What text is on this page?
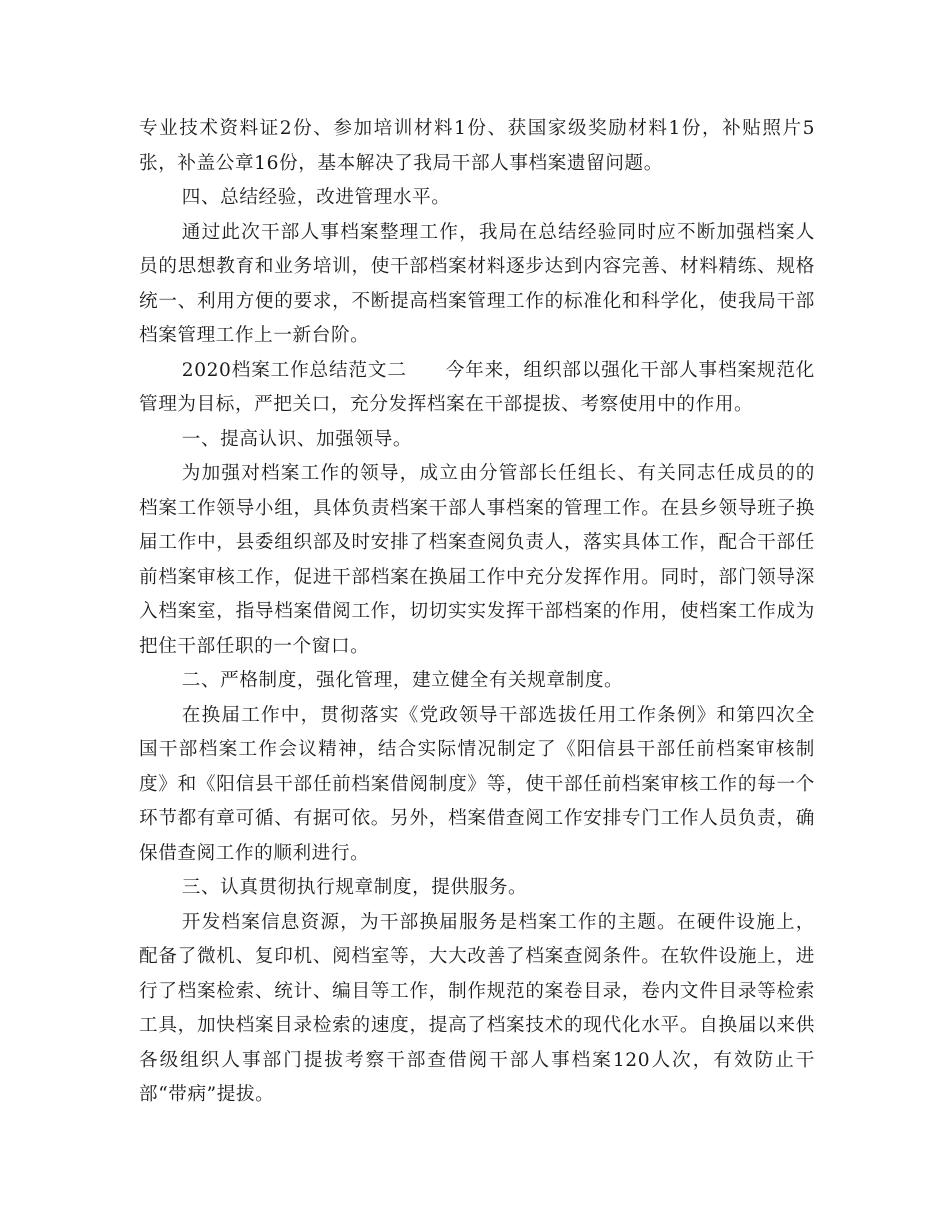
专业技术资料证2份、参加培训材料1份、获国家级奖励材料1份，补贴照片5张，补盖公章16份，基本解决了我局干部人事档案遗留问题。

四、总结经验，改进管理水平。

通过此次干部人事档案整理工作，我局在总结经验同时应不断加强档案人员的思想教育和业务培训，使干部档案材料逐步达到内容完善、材料精练、规格统一、利用方便的要求，不断提高档案管理工作的标准化和科学化，使我局干部档案管理工作上一新台阶。

2020档案工作总结范文二　　今年来，组织部以强化干部人事档案规范化管理为目标，严把关口，充分发挥档案在干部提拔、考察使用中的作用。

一、提高认识、加强领导。

为加强对档案工作的领导，成立由分管部长任组长、有关同志任成员的的档案工作领导小组，具体负责档案干部人事档案的管理工作。在县乡领导班子换届工作中，县委组织部及时安排了档案查阅负责人，落实具体工作，配合干部任前档案审核工作，促进干部档案在换届工作中充分发挥作用。同时，部门领导深入档案室，指导档案借阅工作，切切实实发挥干部档案的作用，使档案工作成为把住干部任职的一个窗口。

二、严格制度，强化管理，建立健全有关规章制度。

在换届工作中，贯彻落实《党政领导干部选拔任用工作条例》和第四次全国干部档案工作会议精神，结合实际情况制定了《阳信县干部任前档案审核制度》和《阳信县干部任前档案借阅制度》等，使干部任前档案审核工作的每一个环节都有章可循、有据可依。另外，档案借查阅工作安排专门工作人员负责，确保借查阅工作的顺利进行。

三、认真贯彻执行规章制度，提供服务。

开发档案信息资源，为干部换届服务是档案工作的主题。在硬件设施上，配备了微机、复印机、阅档室等，大大改善了档案查阅条件。在软件设施上，进行了档案检索、统计、编目等工作，制作规范的案卷目录，卷内文件目录等检索工具，加快档案目录检索的速度，提高了档案技术的现代化水平。自换届以来供各级组织人事部门提拔考察干部查借阅干部人事档案120人次，有效防止干部“带病”提拔。
